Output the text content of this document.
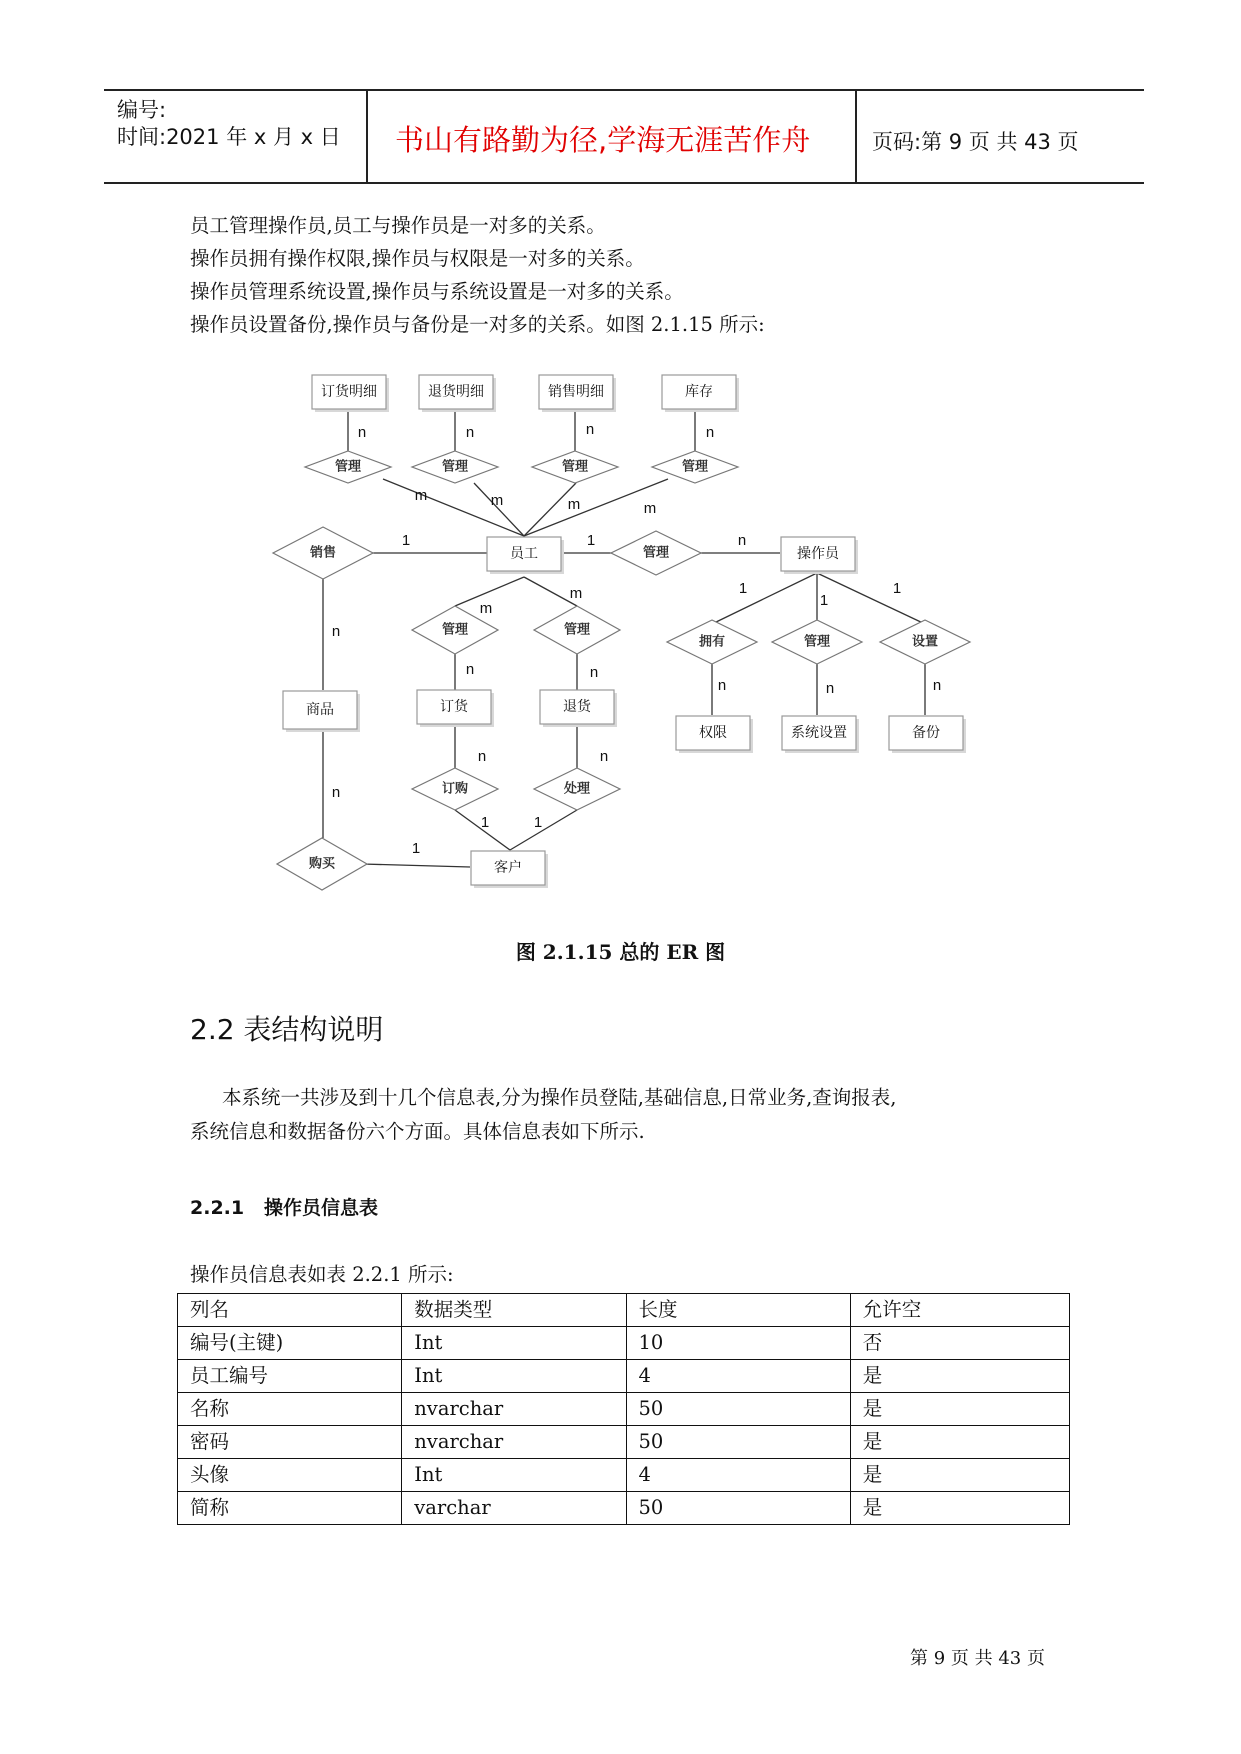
编号:
时间:2021 年 x 月 x 日 书山有路勤为径,学海无涯苦作舟	页码:第 9 页 共 43 页
员工管理操作员,员工与操作员是一对多的关系。
操作员拥有操作权限,操作员与权限是一对多的关系。
操作员管理系统设置,操作员与系统设置是一对多的关系。
操作员设置备份,操作员与备份是一对多的关系。如图 2.1.15 所示:
订货明细	退货明细	销售明细	库存
员工	操作员
商品	订货	退货
客户
权限	系统设置	备份
管理	管理	管理	管理
销售	管理
管理	管理
拥有	管理	设置
订购	处理
购买
n	n	n	n
m	m	m	m
1	1	n
n
m
m
n	n
1
1
1
n	n	n
n	n
1	1
n
1
图 2.1.15 总的 ER 图
2.2 表结构说明
本系统一共涉及到十几个信息表,分为操作员登陆,基础信息,日常业务,查询报表,
系统信息和数据备份六个方面。具体信息表如下所示.
2.2.1 操作员信息表
操作员信息表如表 2.2.1 所示:
列名	数据类型	长度	允许空
编号(主键)	Int	10	否
员工编号	Int	4	是
名称	nvarchar	50	是
密码	nvarchar	50	是
头像	Int	4	是
简称	varchar	50	是
第 9 页 共 43 页
